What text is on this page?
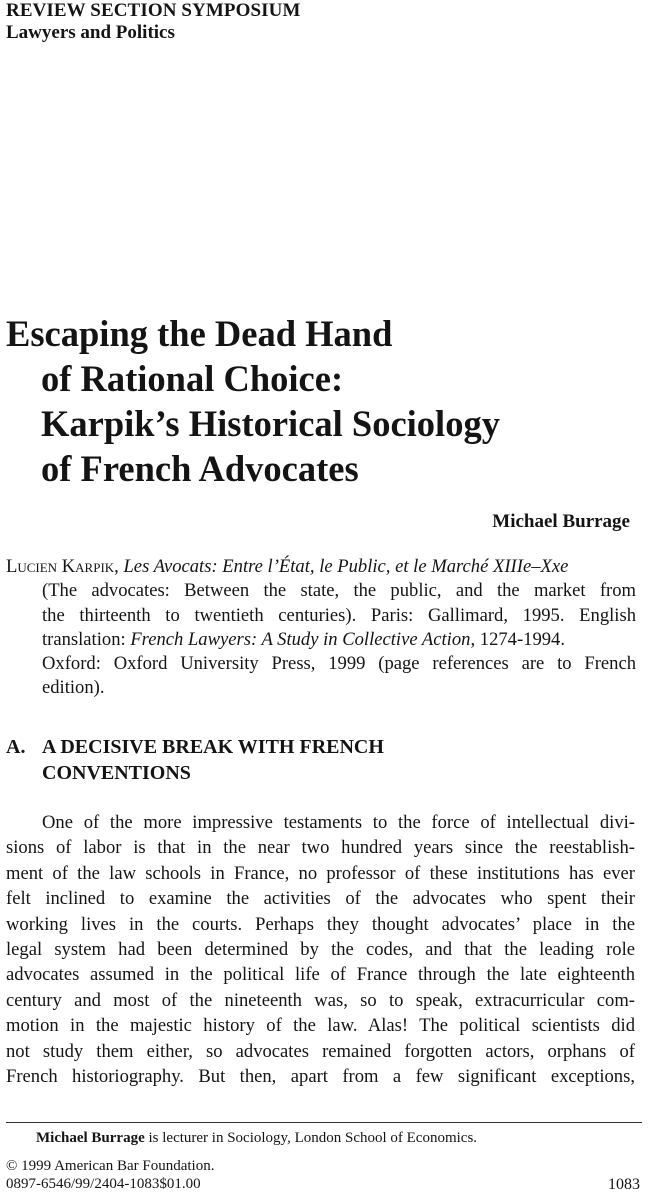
REVIEW SECTION SYMPOSIUM
Lawyers and Politics
Escaping the Dead Hand
of Rational Choice:
Karpik’s Historical Sociology
of French Advocates
Michael Burrage
Lucien Karpik, Les Avocats: Entre l’État, le Public, et le Marché XIIIe–Xxe
(The advocates: Between the state, the public, and the market from
the thirteenth to twentieth centuries). Paris: Gallimard, 1995. English
translation: French Lawyers: A Study in Collective Action, 1274-1994.
Oxford: Oxford University Press, 1999 (page references are to French
edition).
A. A DECISIVE BREAK WITH FRENCH
CONVENTIONS
One of the more impressive testaments to the force of intellectual divi-
sions of labor is that in the near two hundred years since the reestablish-
ment of the law schools in France, no professor of these institutions has ever
felt inclined to examine the activities of the advocates who spent their
working lives in the courts. Perhaps they thought advocates’ place in the
legal system had been determined by the codes, and that the leading role
advocates assumed in the political life of France through the late eighteenth
century and most of the nineteenth was, so to speak, extracurricular com-
motion in the majestic history of the law. Alas! The political scientists did
not study them either, so advocates remained forgotten actors, orphans of
French historiography. But then, apart from a few significant exceptions,
Michael Burrage is lecturer in Sociology, London School of Economics.
© 1999 American Bar Foundation.
0897-6546/99/2404-1083$01.00	1083
